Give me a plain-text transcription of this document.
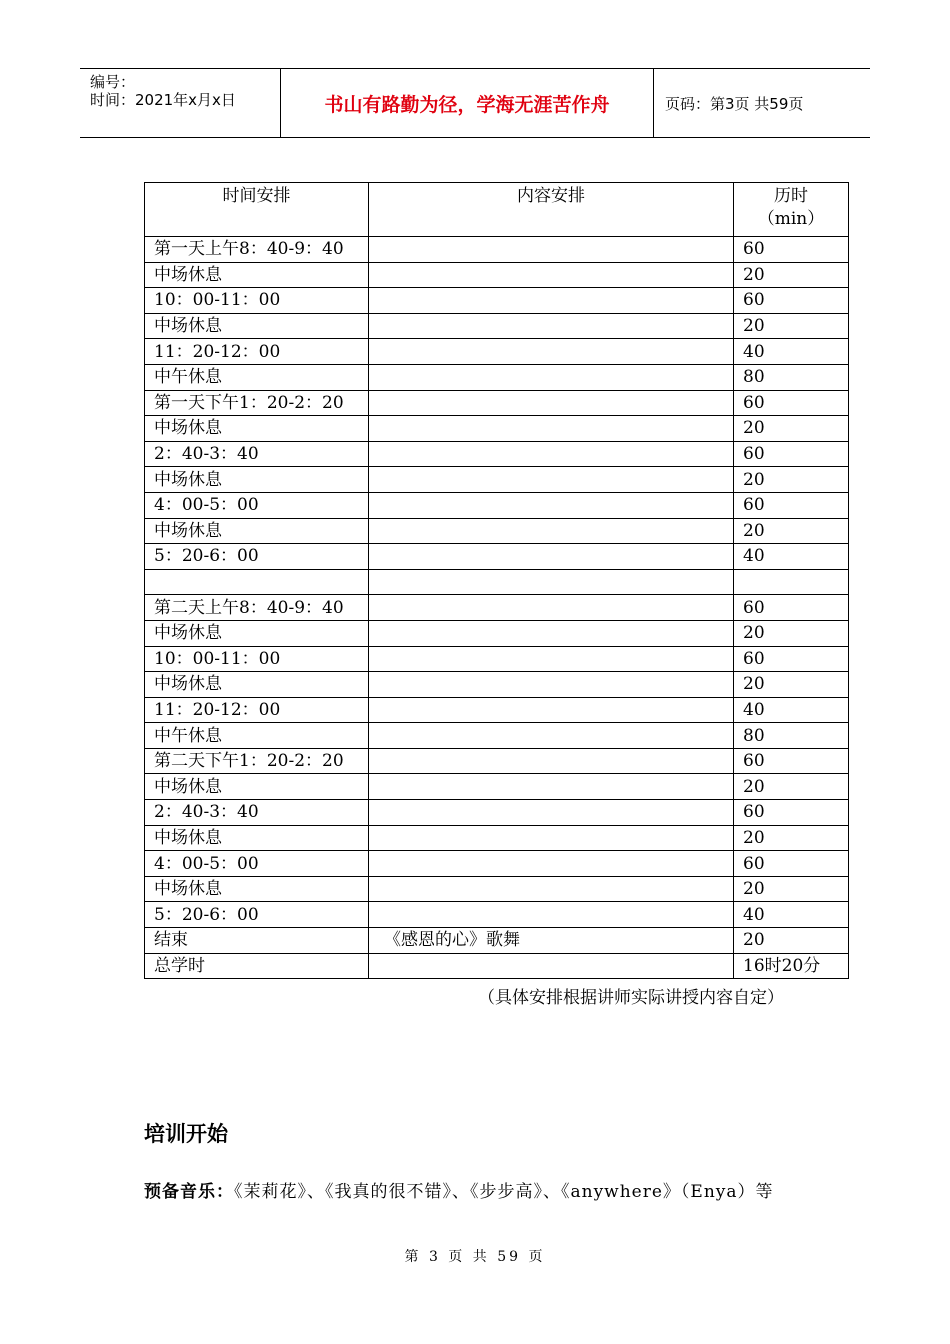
编号：
时间：2021年x月x日	书山有路勤为径，学海无涯苦作舟	页码：第3页 共59页
时间安排	内容安排	历时
（min）

第一天上午8：40-9：40		60
中场休息		20
10：00-11：00		60
中场休息		20
11：20-12：00		40
中午休息		80
第一天下午1：20-2：20		60
中场休息		20
2：40-3：40		60
中场休息		20
4：00-5：00		60
中场休息		20
5：20-6：00		40

第二天上午8：40-9：40		60
中场休息		20
10：00-11：00		60
中场休息		20
11：20-12：00		40
中午休息		80
第二天下午1：20-2：20		60
中场休息		20
2：40-3：40		60
中场休息		20
4：00-5：00		60
中场休息		20
5：20-6：00		40
结束	《感恩的心》歌舞	20
总学时		16时20分
（具体安排根据讲师实际讲授内容自定）
培训开始
预备音乐：《茉莉花》、《我真的很不错》、《步步高》、《anywhere》（Enya）等
第 3 页 共 59 页
